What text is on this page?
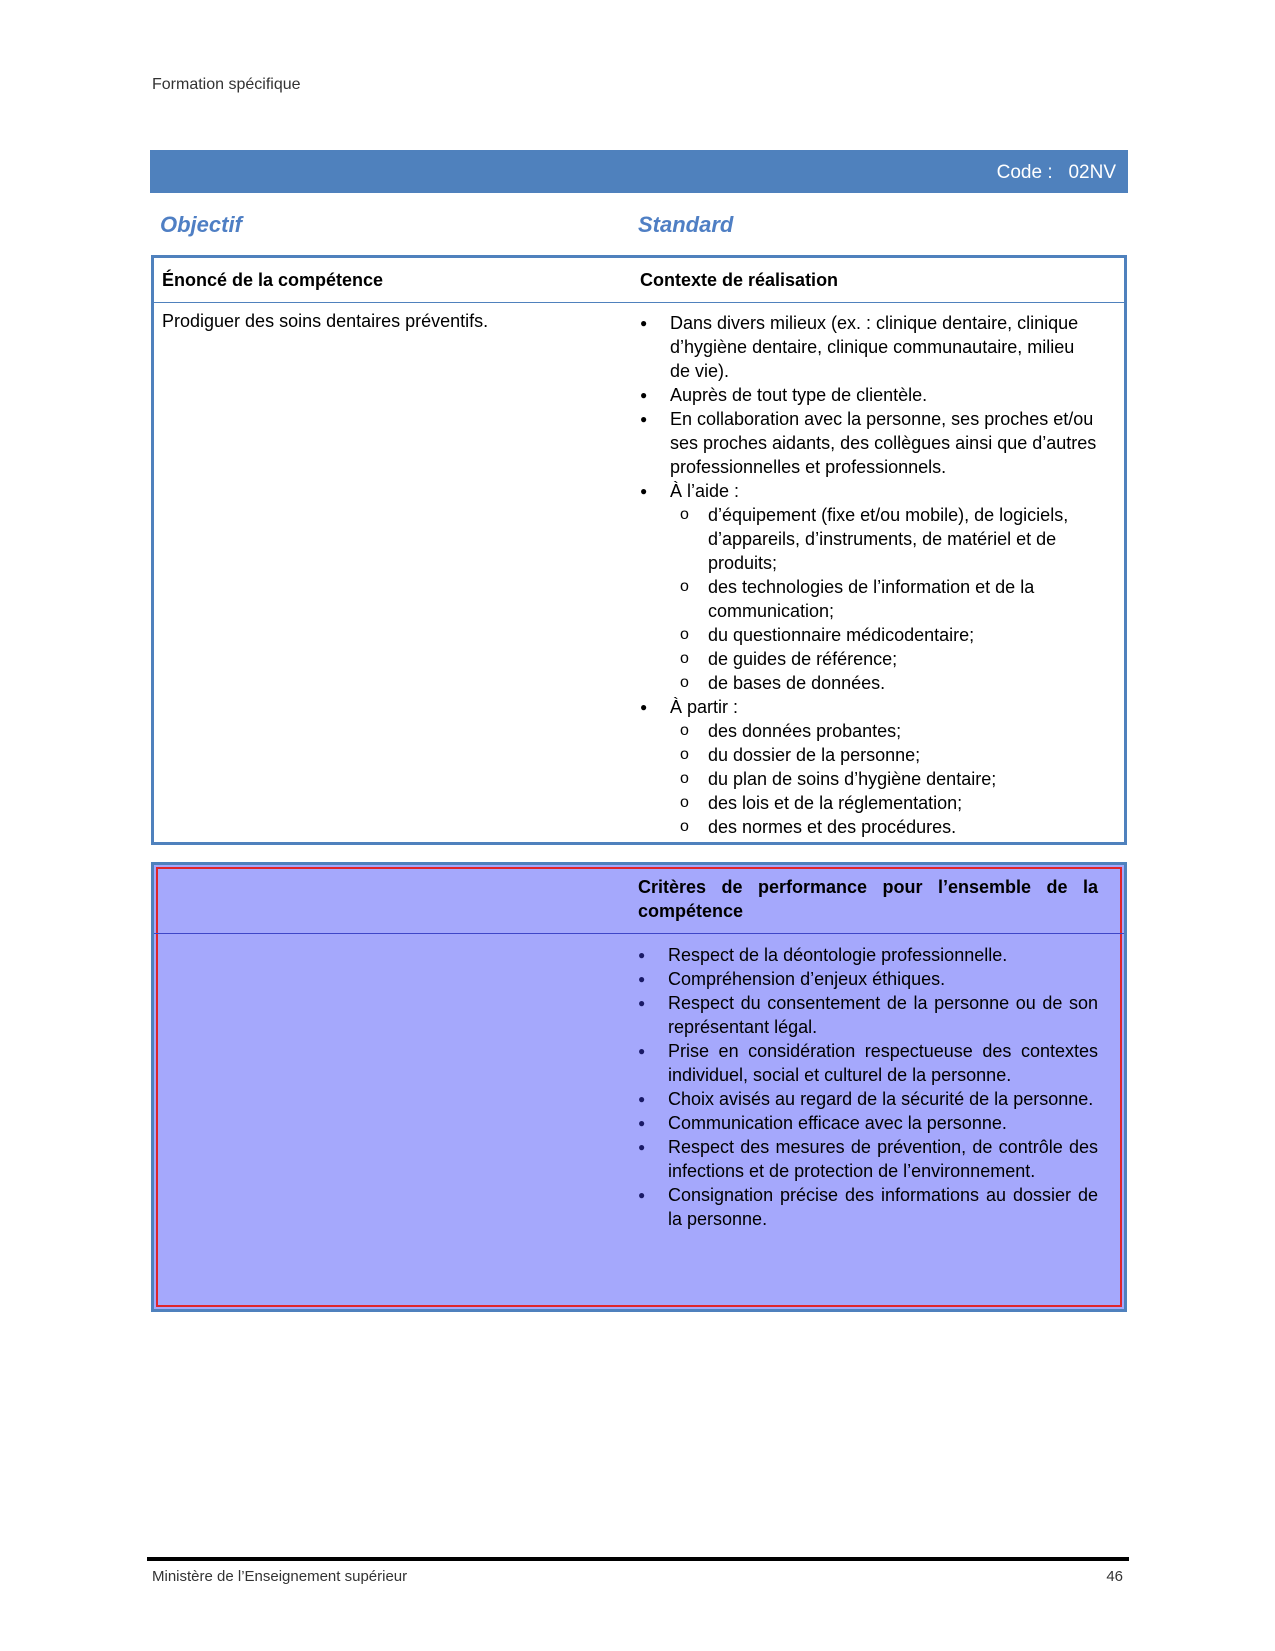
Formation spécifique
Code : 02NV
Objectif	Standard
Énoncé de la compétence	Contexte de réalisation
Prodiguer des soins dentaires préventifs.
●	Dans divers milieux (ex. : clinique dentaire, clinique d’hygiène dentaire, clinique communautaire, milieu de vie).
● Auprès de tout type de clientèle.
● En collaboration avec la personne, ses proches et/ou ses proches aidants, des collègues ainsi que d’autres professionnelles et professionnels.
● À l’aide :
o d’équipement (fixe et/ou mobile), de logiciels, d’appareils, d’instruments, de matériel et de produits;
o des technologies de l’information et de la communication;
o du questionnaire médicodentaire;
o de guides de référence;
o de bases de données.
● À partir :
o des données probantes;
o du dossier de la personne;
o du plan de soins d’hygiène dentaire;
o des lois et de la réglementation;
o des normes et des procédures.
Critères de performance pour l’ensemble de la compétence
● Respect de la déontologie professionnelle.
● Compréhension d’enjeux éthiques.
● Respect du consentement de la personne ou de son représentant légal.
● Prise en considération respectueuse des contextes individuel, social et culturel de la personne.
● Choix avisés au regard de la sécurité de la personne.
● Communication efficace avec la personne.
● Respect des mesures de prévention, de contrôle des infections et de protection de l’environnement.
● Consignation précise des informations au dossier de la personne.
Ministère de l’Enseignement supérieur	46
